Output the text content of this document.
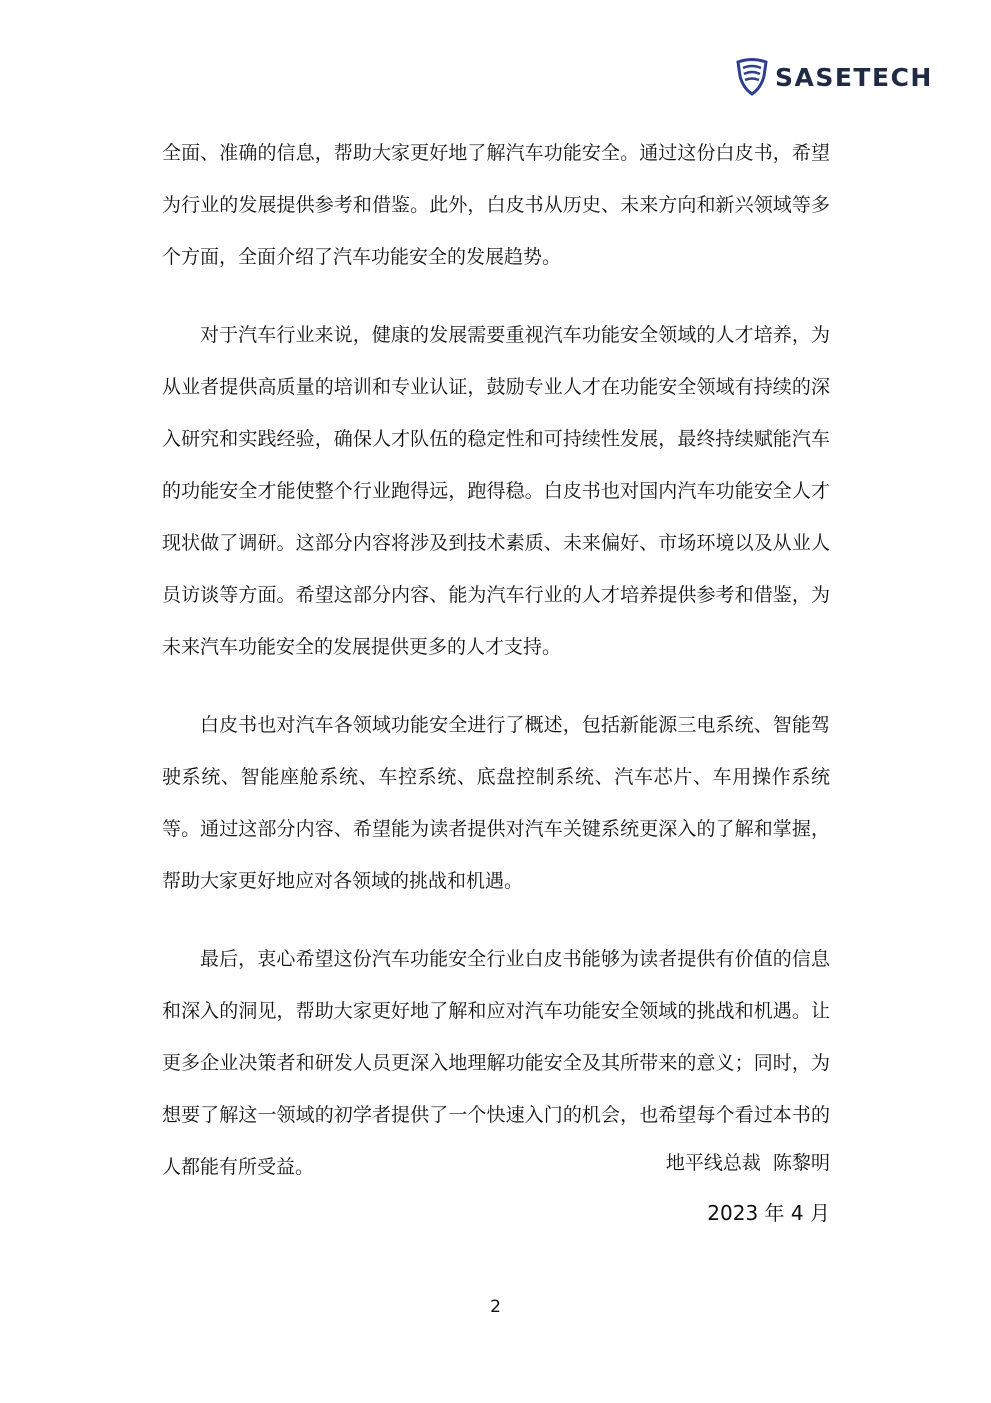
SASETECH

全面、准确的信息，帮助大家更好地了解汽车功能安全。通过这份白皮书，希望为行业的发展提供参考和借鉴。此外，白皮书从历史、未来方向和新兴领域等多个方面，全面介绍了汽车功能安全的发展趋势。

对于汽车行业来说，健康的发展需要重视汽车功能安全领域的人才培养，为从业者提供高质量的培训和专业认证，鼓励专业人才在功能安全领域有持续的深入研究和实践经验，确保人才队伍的稳定性和可持续性发展，最终持续赋能汽车的功能安全才能使整个行业跑得远，跑得稳。白皮书也对国内汽车功能安全人才现状做了调研。这部分内容将涉及到技术素质、未来偏好、市场环境以及从业人员访谈等方面。希望这部分内容、能为汽车行业的人才培养提供参考和借鉴，为未来汽车功能安全的发展提供更多的人才支持。

白皮书也对汽车各领域功能安全进行了概述，包括新能源三电系统、智能驾驶系统、智能座舱系统、车控系统、底盘控制系统、汽车芯片、车用操作系统等。通过这部分内容、希望能为读者提供对汽车关键系统更深入的了解和掌握，帮助大家更好地应对各领域的挑战和机遇。

最后，衷心希望这份汽车功能安全行业白皮书能够为读者提供有价值的信息和深入的洞见，帮助大家更好地了解和应对汽车功能安全领域的挑战和机遇。让更多企业决策者和研发人员更深入地理解功能安全及其所带来的意义；同时，为想要了解这一领域的初学者提供了一个快速入门的机会，也希望每个看过本书的人都能有所受益。	地平线总裁  陈黎明
2023 年 4 月
2
